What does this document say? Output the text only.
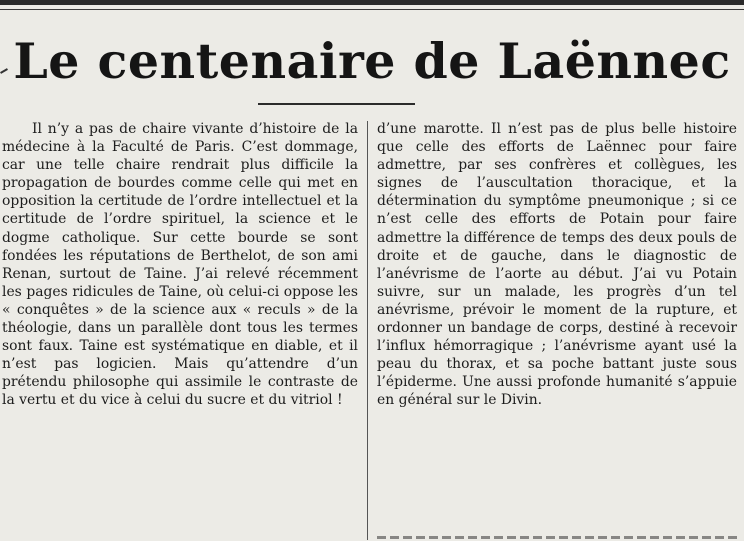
Le centenaire de Laënnec

Il n’y a pas de chaire vivante d’histoire de la médecine à la Faculté de Paris. C’est dommage, car une telle chaire rendrait plus difficile la propagation de bourdes comme celle qui met en opposition la certitude de l’ordre intellectuel et la certitude de l’ordre spirituel, la science et le dogme catholique. Sur cette bourde se sont fondées les réputations de Berthelot, de son ami Renan, surtout de Taine. J’ai relevé récemment les pages ridicules de Taine, où celui-ci oppose les « conquêtes » de la science aux « reculs » de la théologie, dans un parallèle dont tous les termes sont faux. Taine est systématique en diable, et il n’est pas logicien. Mais qu’attendre d’un prétendu philosophe qui assimile le contraste de la vertu et du vice à celui du sucre et du vitriol !

d’une marotte. Il n’est pas de plus belle histoire que celle des efforts de Laënnec pour faire admettre, par ses confrères et collègues, les signes de l’auscultation thoracique, et la détermination du symptôme pneumonique ; si ce n’est celle des efforts de Potain pour faire admettre la différence de temps des deux pouls de droite et de gauche, dans le diagnostic de l’anévrisme de l’aorte au début. J’ai vu Potain suivre, sur un malade, les progrès d’un tel anévrisme, prévoir le moment de la rupture, et ordonner un bandage de corps, destiné à recevoir l’influx hémorragique ; l’anévrisme ayant usé la peau du thorax, et sa poche battant juste sous l’épiderme. Une aussi profonde humanité s’appuie en général sur le Divin.
